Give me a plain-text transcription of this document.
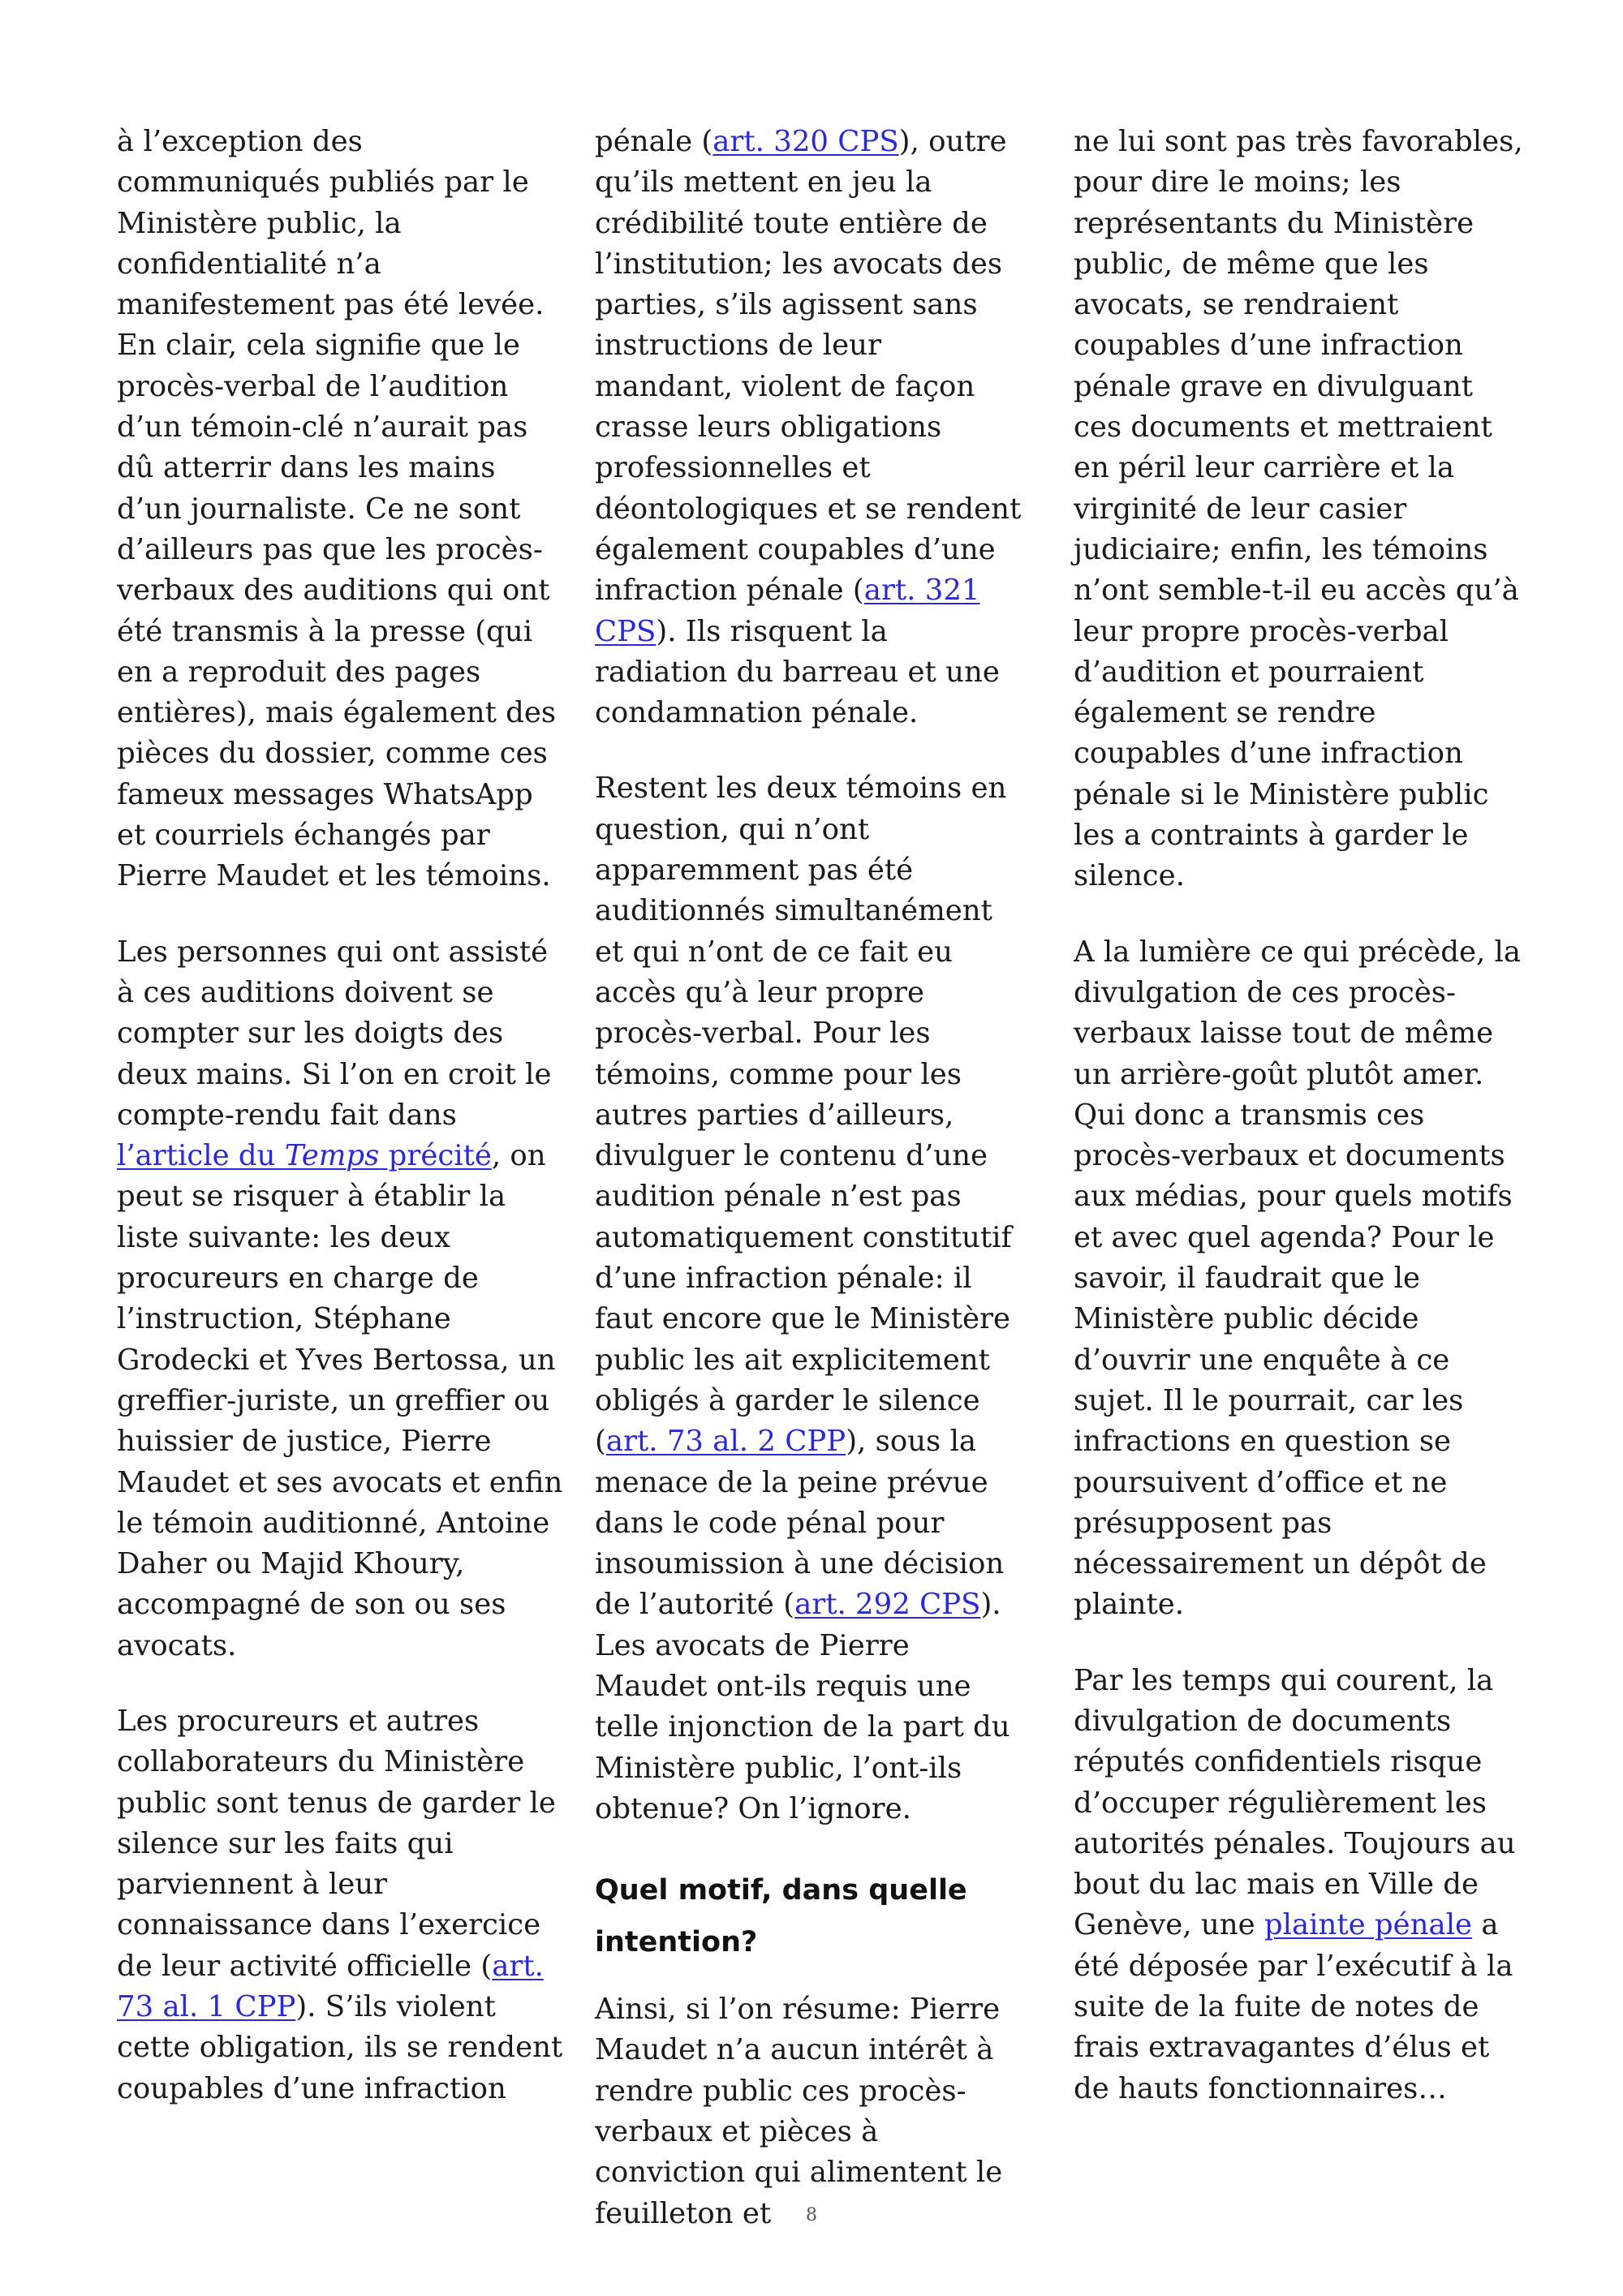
à l’exception des communiqués publiés par le Ministère public, la confidentialité n’a manifestement pas été levée. En clair, cela signifie que le procès-verbal de l’audition d’un témoin-clé n’aurait pas dû atterrir dans les mains d’un journaliste. Ce ne sont d’ailleurs pas que les procès-verbaux des auditions qui ont été transmis à la presse (qui en a reproduit des pages entières), mais également des pièces du dossier, comme ces fameux messages WhatsApp et courriels échangés par Pierre Maudet et les témoins.

Les personnes qui ont assisté à ces auditions doivent se compter sur les doigts des deux mains. Si l’on en croit le compte-rendu fait dans l’article du Temps précité, on peut se risquer à établir la liste suivante: les deux procureurs en charge de l’instruction, Stéphane Grodecki et Yves Bertossa, un greffier-juriste, un greffier ou huissier de justice, Pierre Maudet et ses avocats et enfin le témoin auditionné, Antoine Daher ou Majid Khoury, accompagné de son ou ses avocats.

Les procureurs et autres collaborateurs du Ministère public sont tenus de garder le silence sur les faits qui parviennent à leur connaissance dans l’exercice de leur activité officielle (art. 73 al. 1 CPP). S’ils violent cette obligation, ils se rendent coupables d’une infraction

pénale (art. 320 CPS), outre qu’ils mettent en jeu la crédibilité toute entière de l’institution; les avocats des parties, s’ils agissent sans instructions de leur mandant, violent de façon crasse leurs obligations professionnelles et déontologiques et se rendent également coupables d’une infraction pénale (art. 321 CPS). Ils risquent la radiation du barreau et une condamnation pénale.

Restent les deux témoins en question, qui n’ont apparemment pas été auditionnés simultanément et qui n’ont de ce fait eu accès qu’à leur propre procès-verbal. Pour les témoins, comme pour les autres parties d’ailleurs, divulguer le contenu d’une audition pénale n’est pas automatiquement constitutif d’une infraction pénale: il faut encore que le Ministère public les ait explicitement obligés à garder le silence (art. 73 al. 2 CPP), sous la menace de la peine prévue dans le code pénal pour insoumission à une décision de l’autorité (art. 292 CPS). Les avocats de Pierre Maudet ont-ils requis une telle injonction de la part du Ministère public, l’ont-ils obtenue? On l’ignore.

Quel motif, dans quelle intention?

Ainsi, si l’on résume: Pierre Maudet n’a aucun intérêt à rendre public ces procès-verbaux et pièces à conviction qui alimentent le feuilleton et

ne lui sont pas très favorables, pour dire le moins; les représentants du Ministère public, de même que les avocats, se rendraient coupables d’une infraction pénale grave en divulguant ces documents et mettraient en péril leur carrière et la virginité de leur casier judiciaire; enfin, les témoins n’ont semble-t-il eu accès qu’à leur propre procès-verbal d’audition et pourraient également se rendre coupables d’une infraction pénale si le Ministère public les a contraints à garder le silence.

A la lumière ce qui précède, la divulgation de ces procès-verbaux laisse tout de même un arrière-goût plutôt amer. Qui donc a transmis ces procès-verbaux et documents aux médias, pour quels motifs et avec quel agenda? Pour le savoir, il faudrait que le Ministère public décide d’ouvrir une enquête à ce sujet. Il le pourrait, car les infractions en question se poursuivent d’office et ne présupposent pas nécessairement un dépôt de plainte.

Par les temps qui courent, la divulgation de documents réputés confidentiels risque d’occuper régulièrement les autorités pénales. Toujours au bout du lac mais en Ville de Genève, une plainte pénale a été déposée par l’exécutif à la suite de la fuite de notes de frais extravagantes d’élus et de hauts fonctionnaires…

8
